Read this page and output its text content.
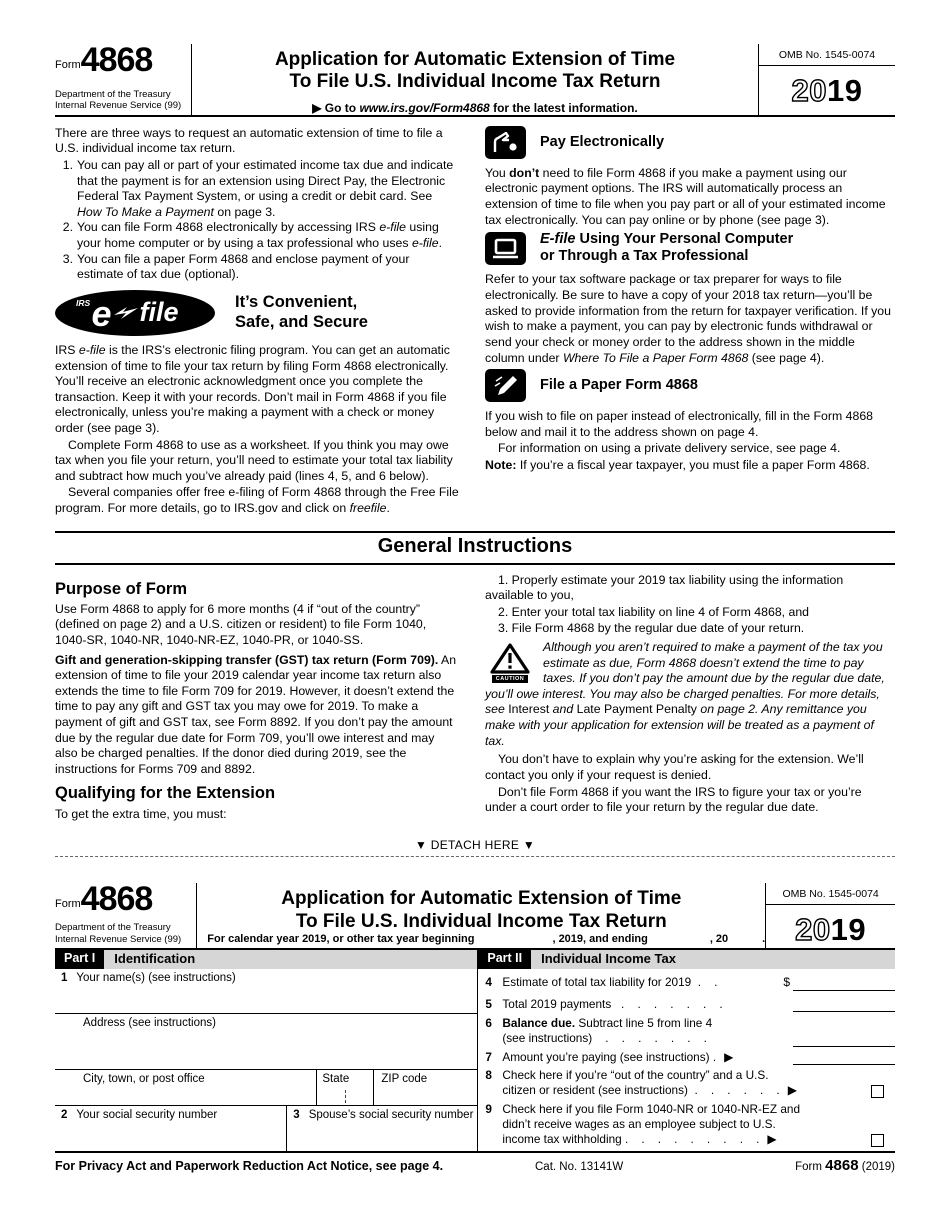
Form 4868
Department of the Treasury
Internal Revenue Service (99)
Application for Automatic Extension of Time
To File U.S. Individual Income Tax Return
▶ Go to www.irs.gov/Form4868 for the latest information.
OMB No. 1545-0074
2019

There are three ways to request an automatic extension of time to file a U.S. individual income tax return.

1. You can pay all or part of your estimated income tax due and indicate that the payment is for an extension using Direct Pay, the Electronic Federal Tax Payment System, or using a credit or debit card. See How To Make a Payment on page 3.
2. You can file Form 4868 electronically by accessing IRS e-file using your home computer or by using a tax professional who uses e-file.
3. You can file a paper Form 4868 and enclose payment of your estimate of tax due (optional).
IRS e file	It’s Convenient,
Safe, and Secure

IRS e-file is the IRS’s electronic filing program. You can get an automatic extension of time to file your tax return by filing Form 4868 electronically. You’ll receive an electronic acknowledgment once you complete the transaction. Keep it with your records. Don’t mail in Form 4868 if you file electronically, unless you’re making a payment with a check or money order (see page 3).

Complete Form 4868 to use as a worksheet. If you think you may owe tax when you file your return, you’ll need to estimate your total tax liability and subtract how much you’ve already paid (lines 4, 5, and 6 below).

Several companies offer free e-filing of Form 4868 through the Free File program. For more details, go to IRS.gov and click on freefile.

Pay Electronically

You don’t need to file Form 4868 if you make a payment using our electronic payment options. The IRS will automatically process an extension of time to file when you pay part or all of your estimated income tax electronically. You can pay online or by phone (see page 3).

E-file Using Your Personal Computer
or Through a Tax Professional

Refer to your tax software package or tax preparer for ways to file electronically. Be sure to have a copy of your 2018 tax return—you’ll be asked to provide information from the return for taxpayer verification. If you wish to make a payment, you can pay by electronic funds withdrawal or send your check or money order to the address shown in the middle column under Where To File a Paper Form 4868 (see page 4).

File a Paper Form 4868

If you wish to file on paper instead of electronically, fill in the Form 4868 below and mail it to the address shown on page 4.

For information on using a private delivery service, see page 4.

Note: If you’re a fiscal year taxpayer, you must file a paper Form 4868.

General Instructions
Purpose of Form

Use Form 4868 to apply for 6 more months (4 if “out of the country” (defined on page 2) and a U.S. citizen or resident) to file Form 1040, 1040-SR, 1040-NR, 1040-NR-EZ, 1040-PR, or 1040-SS.

Gift and generation-skipping transfer (GST) tax return (Form 709). An extension of time to file your 2019 calendar year income tax return also extends the time to file Form 709 for 2019. However, it doesn’t extend the time to pay any gift and GST tax you may owe for 2019. To make a payment of gift and GST tax, see Form 8892. If you don’t pay the amount due by the regular due date for Form 709, you’ll owe interest and may also be charged penalties. If the donor died during 2019, see the instructions for Forms 709 and 8892.

Qualifying for the Extension

To get the extra time, you must:

1. Properly estimate your 2019 tax liability using the information available to you,

2. Enter your total tax liability on line 4 of Form 4868, and

3. File Form 4868 by the regular due date of your return.

CAUTION

Although you aren’t required to make a payment of the tax you estimate as due, Form 4868 doesn’t extend the time to pay taxes. If you don’t pay the amount due by the regular due date, you’ll owe interest. You may also be charged penalties. For more details, see Interest and Late Payment Penalty on page 2. Any remittance you make with your application for extension will be treated as a payment of tax.

You don’t have to explain why you’re asking for the extension. We’ll contact you only if your request is denied.

Don’t file Form 4868 if you want the IRS to figure your tax or you’re under a court order to file your return by the regular due date.

▼ DETACH HERE ▼
Form 4868
Department of the Treasury
Internal Revenue Service (99)
Application for Automatic Extension of Time
To File U.S. Individual Income Tax Return
For calendar year 2019, or other tax year beginning	, 2019, and ending	, 20	.
OMB No. 1545-0074
2019
Part I	Identification	Part II	Individual Income Tax
1 Your name(s) (see instructions)
Address (see instructions)
City, town, or post office	State	ZIP code
2 Your social security number	3 Spouse’s social security number
4 Estimate of total tax liability for 2019  .    .	$
5 Total 2019 payments   .    .    .    .    .    .    .
6 Balance due. Subtract line 5 from line 4
(see instructions)    .    .    .    .    .    .    .
7 Amount you’re paying (see instructions) . ▶
8 Check here if you’re “out of the country” and a U.S.
citizen or resident (see instructions)  .    .    .    .    .    . ▶
9 Check here if you file Form 1040-NR or 1040-NR-EZ and
didn’t receive wages as an employee subject to U.S.
income tax withholding .    .    .    .    .    .    .    .    . ▶
For Privacy Act and Paperwork Reduction Act Notice, see page 4.	Cat. No. 13141W	Form 4868 (2019)
